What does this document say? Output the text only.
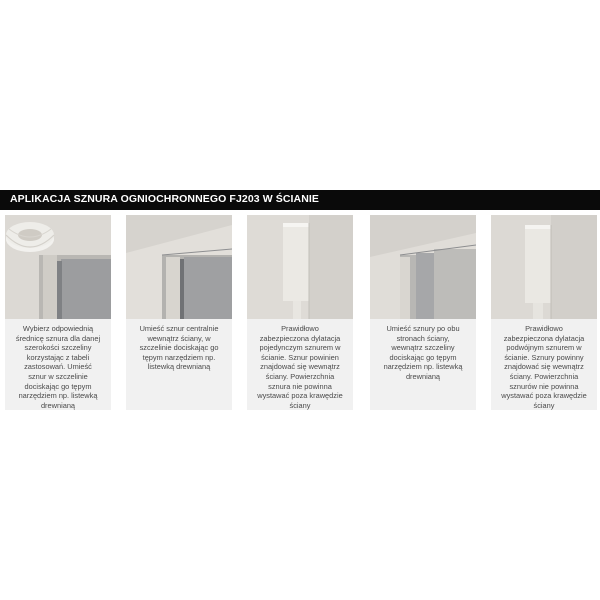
APLIKACJA SZNURA OGNIOCHRONNEGO FJ203 W ŚCIANIE
Wybierz odpowiednią
średnicę sznura dla danej
szerokości szczeliny
korzystając z tabeli
zastosowań. Umieść
sznur w szczelinie
dociskając go tępym
narzędziem np. listewką
drewnianą
Umieść sznur centralnie
wewnątrz ściany, w
szczelinie dociskając go
tępym narzędziem np.
listewką drewnianą
Prawidłowo
zabezpieczona dylatacja
pojedynczym sznurem w
ścianie. Sznur powinien
znajdować się wewnątrz
ściany. Powierzchnia
sznura nie powinna
wystawać poza krawędzie
ściany
Umieść sznury po obu
stronach ściany,
wewnątrz szczeliny
dociskając go tępym
narzędziem np. listewką
drewnianą
Prawidłowo
zabezpieczona dylatacja
podwójnym sznurem w
ścianie. Sznury powinny
znajdować się wewnątrz
ściany. Powierzchnia
sznurów nie powinna
wystawać poza krawędzie
ściany
